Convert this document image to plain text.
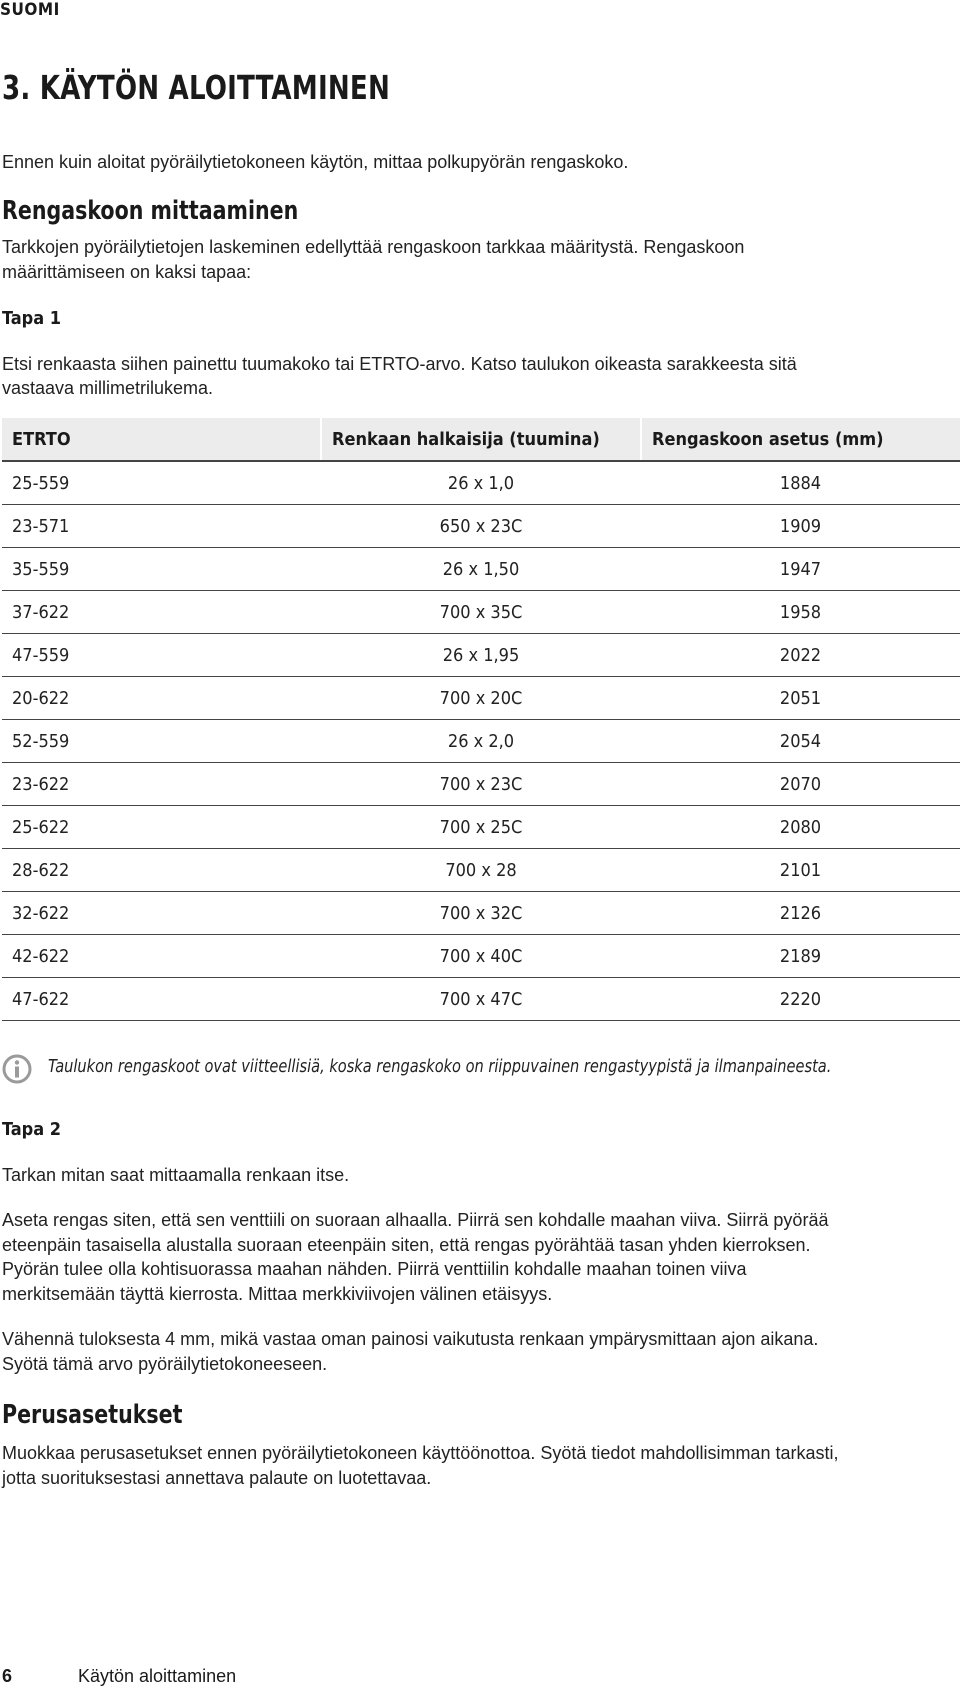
SUOMI
3. KÄYTÖN ALOITTAMINEN

Ennen kuin aloitat pyöräilytietokoneen käytön, mittaa polkupyörän rengaskoko.

Rengaskoon mittaaminen

Tarkkojen pyöräilytietojen laskeminen edellyttää rengaskoon tarkkaa määritystä. Rengaskoon

määrittämiseen on kaksi tapaa:

Tapa 1

Etsi renkaasta siihen painettu tuumakoko tai ETRTO-arvo. Katso taulukon oikeasta sarakkeesta sitä

vastaava millimetrilukema.

ETRTO	Renkaan halkaisija (tuumina)	Rengaskoon asetus (mm)
25-559	26 x 1,0	1884
23-571	650 x 23C	1909
35-559	26 x 1,50	1947
37-622	700 x 35C	1958
47-559	26 x 1,95	2022
20-622	700 x 20C	2051
52-559	26 x 2,0	2054
23-622	700 x 23C	2070
25-622	700 x 25C	2080
28-622	700 x 28	2101
32-622	700 x 32C	2126
42-622	700 x 40C	2189
47-622	700 x 47C	2220
Taulukon rengaskoot ovat viitteellisiä, koska rengaskoko on riippuvainen rengastyypistä ja ilmanpaineesta.
Tapa 2

Tarkan mitan saat mittaamalla renkaan itse.

Aseta rengas siten, että sen venttiili on suoraan alhaalla. Piirrä sen kohdalle maahan viiva. Siirrä pyörää

eteenpäin tasaisella alustalla suoraan eteenpäin siten, että rengas pyörähtää tasan yhden kierroksen.

Pyörän tulee olla kohtisuorassa maahan nähden. Piirrä venttiilin kohdalle maahan toinen viiva

merkitsemään täyttä kierrosta. Mittaa merkkiviivojen välinen etäisyys.

Vähennä tuloksesta 4 mm, mikä vastaa oman painosi vaikutusta renkaan ympärysmittaan ajon aikana.

Syötä tämä arvo pyöräilytietokoneeseen.

Perusasetukset

Muokkaa perusasetukset ennen pyöräilytietokoneen käyttöönottoa. Syötä tiedot mahdollisimman tarkasti,

jotta suorituksestasi annettava palaute on luotettavaa.

6	Käytön aloittaminen
